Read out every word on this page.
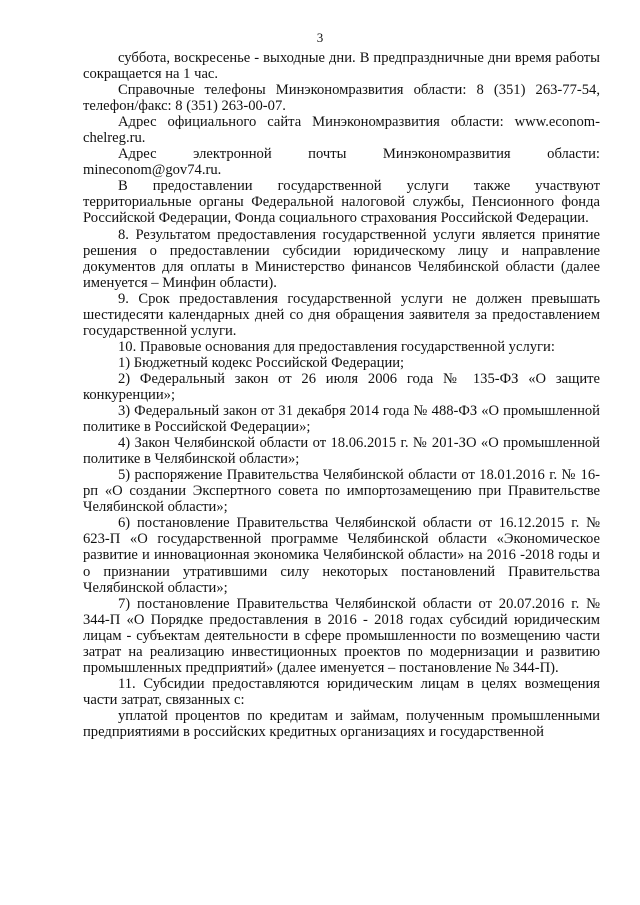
3

суббота, воскресенье - выходные дни. В предпраздничные дни время работы сокращается на 1 час.

Справочные телефоны Минэкономразвития области: 8 (351) 263-77-54, телефон/факс: 8 (351) 263-00-07.

Адрес официального сайта Минэкономразвития области: www.econom-chelreg.ru.

Адрес электронной почты Минэкономразвития области: mineconom@gov74.ru.

В предоставлении государственной услуги также участвуют территориальные органы Федеральной налоговой службы, Пенсионного фонда Российской Федерации, Фонда социального страхования Российской Федерации.

8. Результатом предоставления государственной услуги является принятие решения о предоставлении субсидии юридическому лицу и направление документов для оплаты в Министерство финансов Челябинской области (далее именуется – Минфин области).

9. Срок предоставления государственной услуги не должен превышать шестидесяти календарных дней со дня обращения заявителя за предоставлением государственной услуги.

10. Правовые основания для предоставления государственной услуги:

1) Бюджетный кодекс Российской Федерации;

2) Федеральный закон от 26 июля 2006 года № 135-ФЗ «О защите конкуренции»;

3) Федеральный закон от 31 декабря 2014 года № 488-ФЗ «О промышленной политике в Российской Федерации»;

4) Закон Челябинской области от 18.06.2015 г. № 201-ЗО «О промышленной политике в Челябинской области»;

5) распоряжение Правительства Челябинской области от 18.01.2016 г. № 16-рп «О создании Экспертного совета по импортозамещению при Правительстве Челябинской области»;

6) постановление Правительства Челябинской области от 16.12.2015 г. № 623-П «О государственной программе Челябинской области «Экономическое развитие и инновационная экономика Челябинской области» на 2016 -2018 годы и о признании утратившими силу некоторых постановлений Правительства Челябинской области»;

7) постановление Правительства Челябинской области от 20.07.2016 г. № 344-П «О Порядке предоставления в 2016 - 2018 годах субсидий юридическим лицам - субъектам деятельности в сфере промышленности по возмещению части затрат на реализацию инвестиционных проектов по модернизации и развитию промышленных предприятий» (далее именуется – постановление № 344-П).

11. Субсидии предоставляются юридическим лицам в целях возмещения части затрат, связанных с:

уплатой процентов по кредитам и займам, полученным промышленными предприятиями в российских кредитных организациях и государственной
